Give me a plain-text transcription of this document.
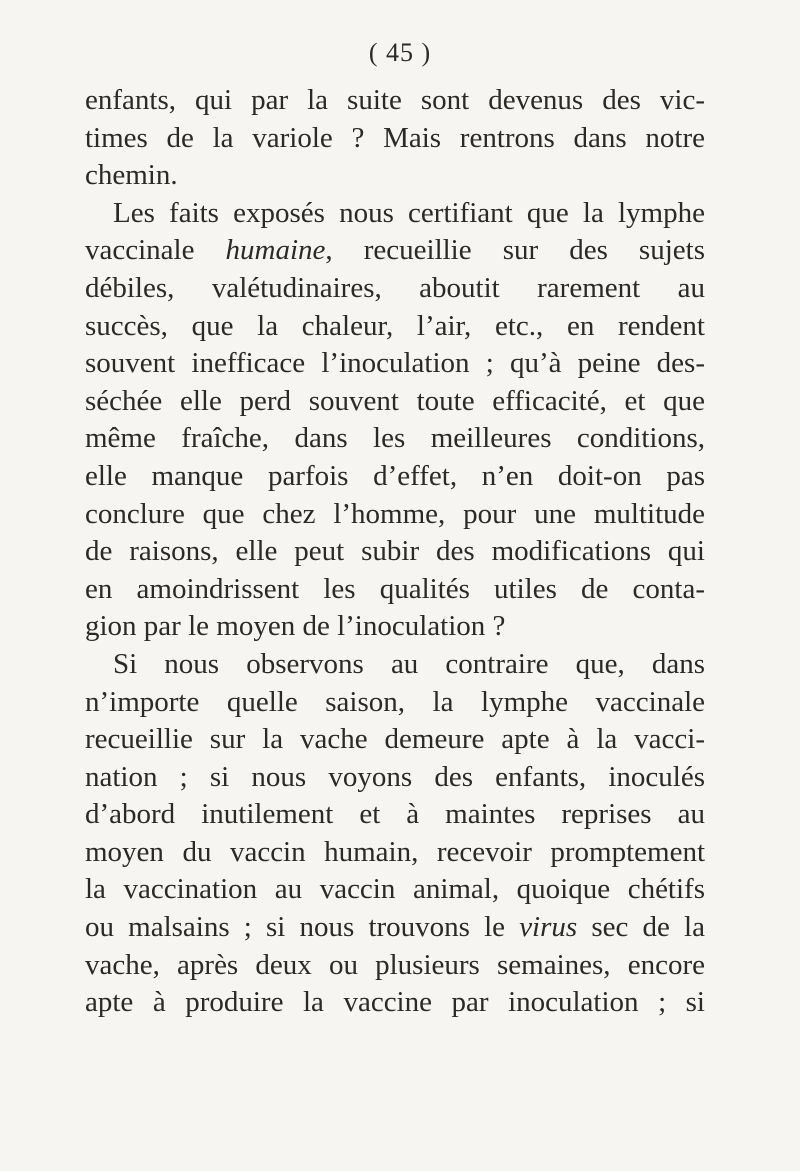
( 45 )
enfants, qui par la suite sont devenus des vic-
times de la variole ? Mais rentrons dans notre
chemin.
Les faits exposés nous certifiant que la lymphe
vaccinale humaine, recueillie sur des sujets
débiles, valétudinaires, aboutit rarement au
succès, que la chaleur, l’air, etc., en rendent
souvent inefficace l’inoculation ; qu’à peine des-
séchée elle perd souvent toute efficacité, et que
même fraîche, dans les meilleures conditions,
elle manque parfois d’effet, n’en doit-on pas
conclure que chez l’homme, pour une multitude
de raisons, elle peut subir des modifications qui
en amoindrissent les qualités utiles de conta-
gion par le moyen de l’inoculation ?
Si nous observons au contraire que, dans
n’importe quelle saison, la lymphe vaccinale
recueillie sur la vache demeure apte à la vacci-
nation ; si nous voyons des enfants, inoculés
d’abord inutilement et à maintes reprises au
moyen du vaccin humain, recevoir promptement
la vaccination au vaccin animal, quoique chétifs
ou malsains ; si nous trouvons le virus sec de la
vache, après deux ou plusieurs semaines, encore
apte à produire la vaccine par inoculation ; si
